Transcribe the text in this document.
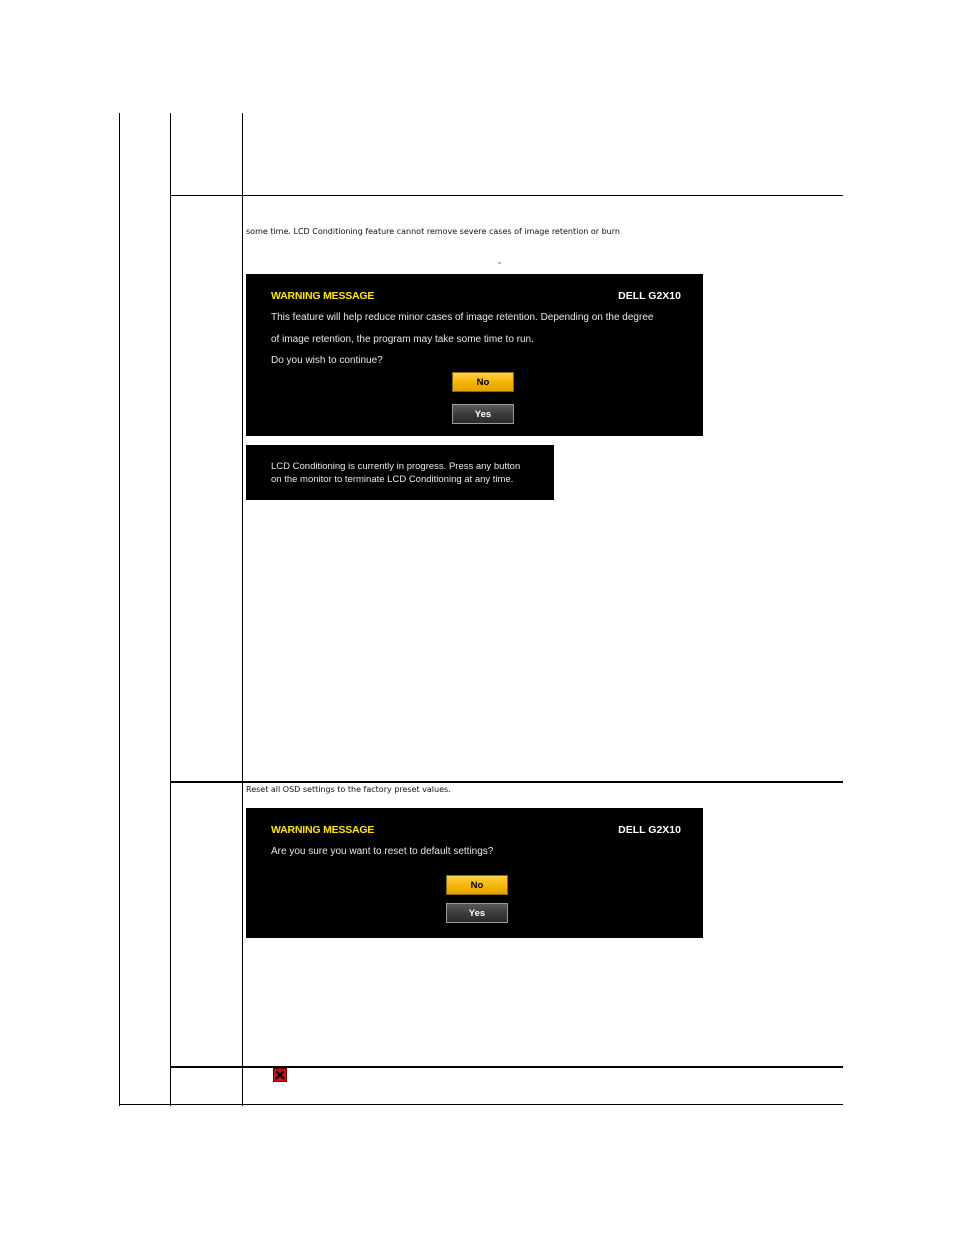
some time. LCD Conditioning feature cannot remove severe cases of image retention or burn
™
WARNING MESSAGE	DELL G2X10
This feature will help reduce minor cases of image retention. Depending on the degree
of image retention, the program may take some time to run.
Do you wish to continue?
No
Yes
LCD Conditioning is currently in progress. Press any button
on the monitor to terminate LCD Conditioning at any time.
Reset all OSD settings to the factory preset values.
WARNING MESSAGE	DELL G2X10
Are you sure you want to reset to default settings?
No
Yes
